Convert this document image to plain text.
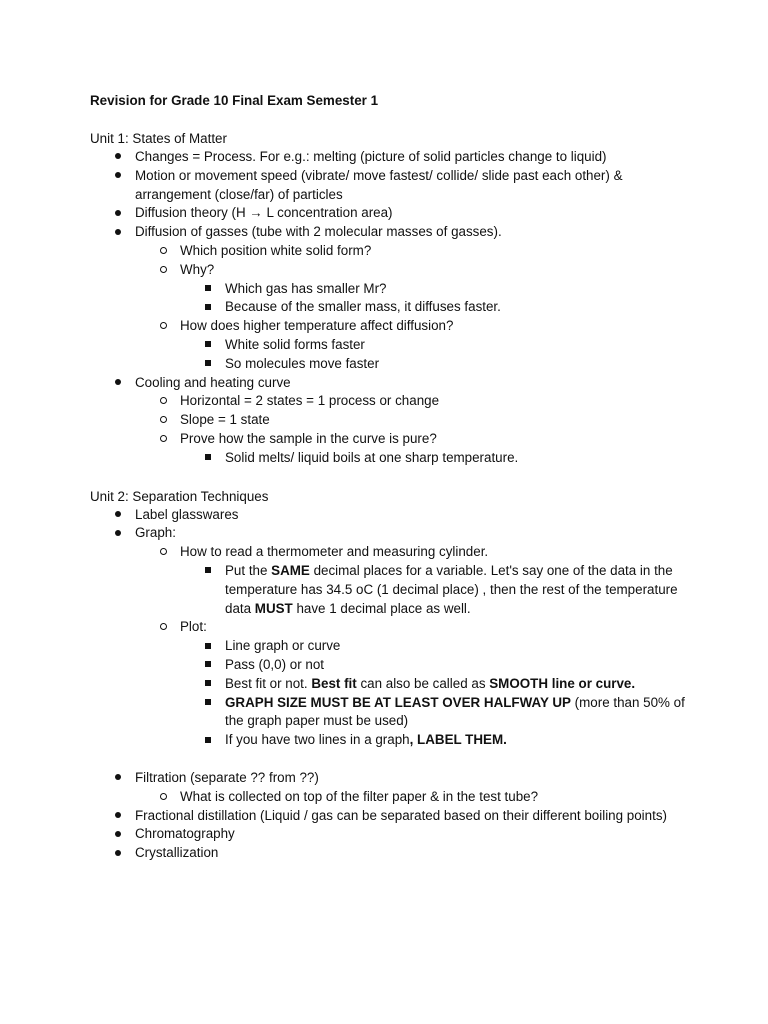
Revision for Grade 10 Final Exam Semester 1
Unit 1: States of Matter
Changes = Process. For e.g.: melting (picture of solid particles change to liquid)
Motion or movement speed (vibrate/ move fastest/ collide/ slide past each other) & arrangement (close/far) of particles
Diffusion theory (H → L concentration area)
Diffusion of gasses (tube with 2 molecular masses of gasses).
Which position white solid form?
Why?
Which gas has smaller Mr?
Because of the smaller mass, it diffuses faster.
How does higher temperature affect diffusion?
White solid forms faster
So molecules move faster
Cooling and heating curve
Horizontal = 2 states = 1 process or change
Slope = 1 state
Prove how the sample in the curve is pure?
Solid melts/ liquid boils at one sharp temperature.
Unit 2: Separation Techniques
Label glasswares
Graph:
How to read a thermometer and measuring cylinder.
Put the SAME decimal places for a variable. Let's say one of the data in the temperature has 34.5 oC (1 decimal place) , then the rest of the temperature data MUST have 1 decimal place as well.
Plot:
Line graph or curve
Pass (0,0) or not
Best fit or not. Best fit can also be called as SMOOTH line or curve.
GRAPH SIZE MUST BE AT LEAST OVER HALFWAY UP (more than 50% of the graph paper must be used)
If you have two lines in a graph, LABEL THEM.
Filtration (separate ?? from ??)
What is collected on top of the filter paper & in the test tube?
Fractional distillation (Liquid / gas can be separated based on their different boiling points)
Chromatography
Crystallization
